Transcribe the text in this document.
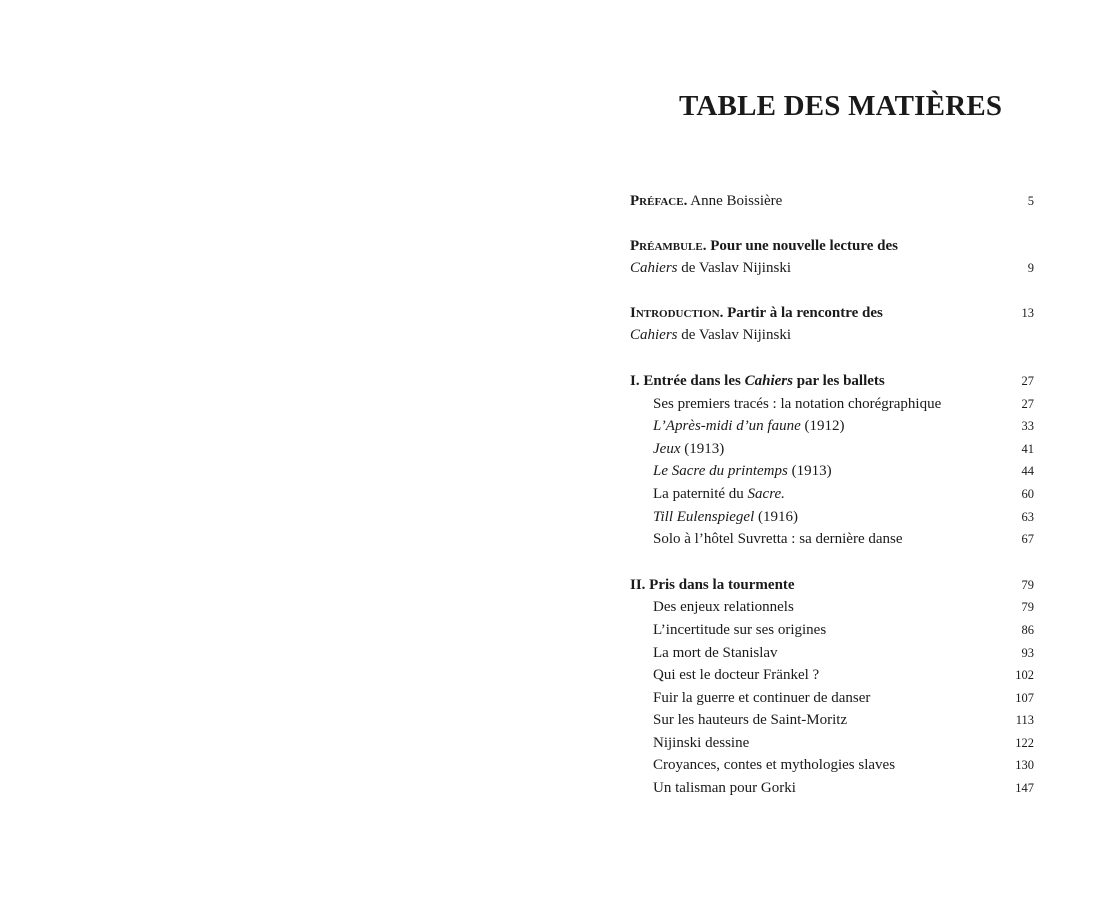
TABLE DES MATIÈRES
Préface. Anne Boissière	5
Préambule. Pour une nouvelle lecture des
Cahiers de Vaslav Nijinski	9
Introduction. Partir à la rencontre des	13
Cahiers de Vaslav Nijinski
I. Entrée dans les Cahiers par les ballets	27
Ses premiers tracés : la notation chorégraphique	27
L’Après-midi d’un faune (1912)	33
Jeux (1913)	41
Le Sacre du printemps (1913)	44
La paternité du Sacre.	60
Till Eulenspiegel (1916)	63
Solo à l’hôtel Suvretta : sa dernière danse	67
II. Pris dans la tourmente	79
Des enjeux relationnels	79
L’incertitude sur ses origines	86
La mort de Stanislav	93
Qui est le docteur Fränkel ?	102
Fuir la guerre et continuer de danser	107
Sur les hauteurs de Saint-Moritz	113
Nijinski dessine	122
Croyances, contes et mythologies slaves	130
Un talisman pour Gorki	147
